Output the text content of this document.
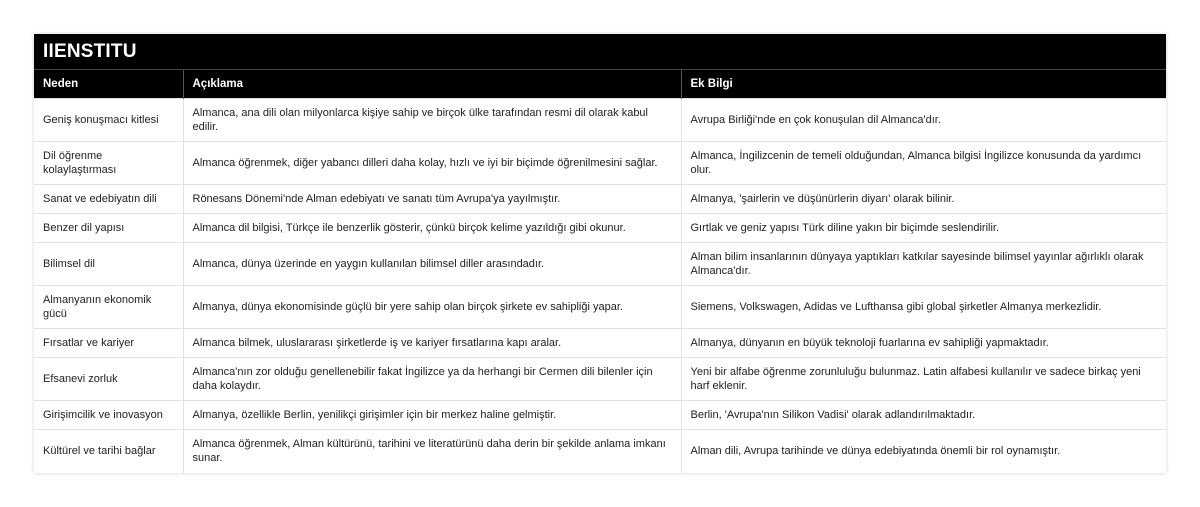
IIENSTITU
Neden	Açıklama	Ek Bilgi
Geniş konuşmacı kitlesi	Almanca, ana dili olan milyonlarca kişiye sahip ve birçok ülke tarafından resmi dil olarak kabul edilir.	Avrupa Birliği'nde en çok konuşulan dil Almanca'dır.
Dil öğrenme kolaylaştırması	Almanca öğrenmek, diğer yabancı dilleri daha kolay, hızlı ve iyi bir biçimde öğrenilmesini sağlar.	Almanca, İngilizcenin de temeli olduğundan, Almanca bilgisi İngilizce konusunda da yardımcı olur.
Sanat ve edebiyatın dili	Rönesans Dönemi'nde Alman edebiyatı ve sanatı tüm Avrupa'ya yayılmıştır.	Almanya, 'şairlerin ve düşünürlerin diyarı' olarak bilinir.
Benzer dil yapısı	Almanca dil bilgisi, Türkçe ile benzerlik gösterir, çünkü birçok kelime yazıldığı gibi okunur.	Gırtlak ve geniz yapısı Türk diline yakın bir biçimde seslendirilir.
Bilimsel dil	Almanca, dünya üzerinde en yaygın kullanılan bilimsel diller arasındadır.	Alman bilim insanlarının dünyaya yaptıkları katkılar sayesinde bilimsel yayınlar ağırlıklı olarak Almanca'dır.
Almanyanın ekonomik gücü	Almanya, dünya ekonomisinde güçlü bir yere sahip olan birçok şirkete ev sahipliği yapar.	Siemens, Volkswagen, Adidas ve Lufthansa gibi global şirketler Almanya merkezlidir.
Fırsatlar ve kariyer	Almanca bilmek, uluslararası şirketlerde iş ve kariyer fırsatlarına kapı aralar.	Almanya, dünyanın en büyük teknoloji fuarlarına ev sahipliği yapmaktadır.
Efsanevi zorluk	Almanca'nın zor olduğu genellenebilir fakat İngilizce ya da herhangi bir Cermen dili bilenler için daha kolaydır.	Yeni bir alfabe öğrenme zorunluluğu bulunmaz. Latin alfabesi kullanılır ve sadece birkaç yeni harf eklenir.
Girişimcilik ve inovasyon	Almanya, özellikle Berlin, yenilikçi girişimler için bir merkez haline gelmiştir.	Berlin, 'Avrupa'nın Silikon Vadisi' olarak adlandırılmaktadır.
Kültürel ve tarihi bağlar	Almanca öğrenmek, Alman kültürünü, tarihini ve literatürünü daha derin bir şekilde anlama imkanı sunar.	Alman dili, Avrupa tarihinde ve dünya edebiyatında önemli bir rol oynamıştır.
